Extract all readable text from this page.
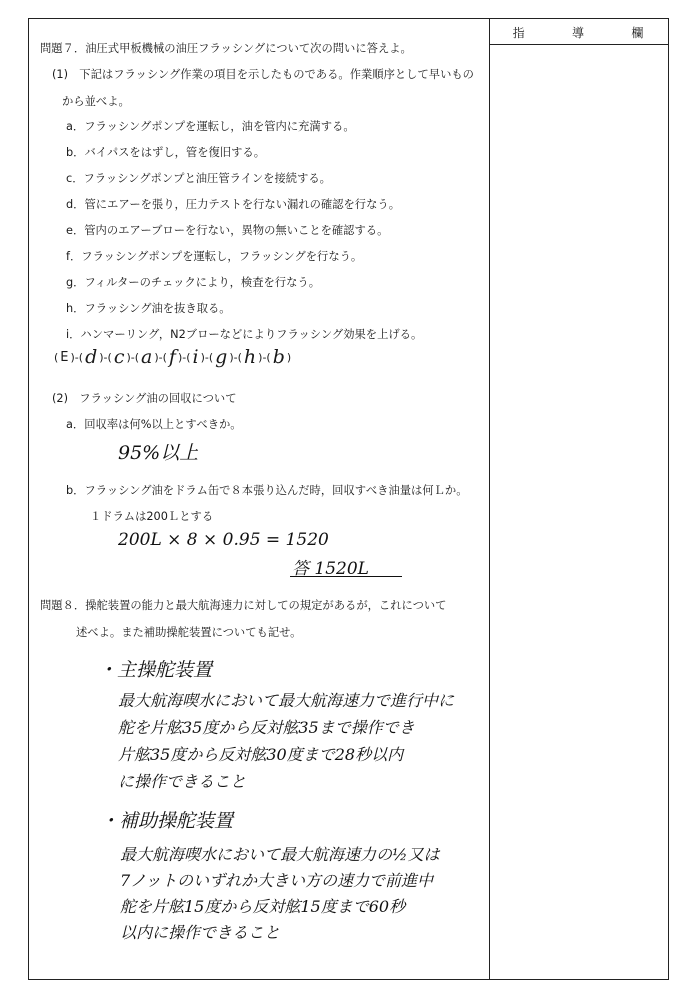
指	導	欄
問題７．油圧式甲板機械の油圧フラッシングについて次の問いに答えよ。
(1)　下記はフラッシング作業の項目を示したものである。作業順序として早いもの
から並べよ。
a．フラッシングポンプを運転し，油を管内に充満する。
b．バイパスをはずし，管を復旧する。
c．フラッシングポンプと油圧管ラインを接続する。
d．管にエアーを張り，圧力テストを行ない漏れの確認を行なう。
e．管内のエアーブローを行ない，異物の無いことを確認する。
f．フラッシングポンプを運転し，フラッシングを行なう。
g．フィルターのチェックにより，検査を行なう。
h．フラッシング油を抜き取る。
i．ハンマーリング，N2ブローなどによりフラッシング効果を上げる。
( E )-( d )-( c )-( a )-( f )-( i )-( g )-( h )-( b )
(2)　フラッシング油の回収について
a．回収率は何%以上とすべきか。
95%以上
b．フラッシング油をドラム缶で８本張り込んだ時，回収すべき油量は何Ｌか。
１ドラムは200Ｌとする
200L × 8 × 0.95 = 1520
答 1520L
問題８．操舵装置の能力と最大航海速力に対しての規定があるが，これについて
述べよ。また補助操舵装置についても記せ。
・主操舵装置
最大航海喫水において最大航海速力で進行中に
舵を片舷35度から反対舷35まで操作でき
片舷35度から反対舷30度まで28秒以内
に操作できること
・補助操舵装置
最大航海喫水において最大航海速力の½又は
7ノットのいずれか大きい方の速力で前進中
舵を片舷15度から反対舷15度まで60秒
以内に操作できること
